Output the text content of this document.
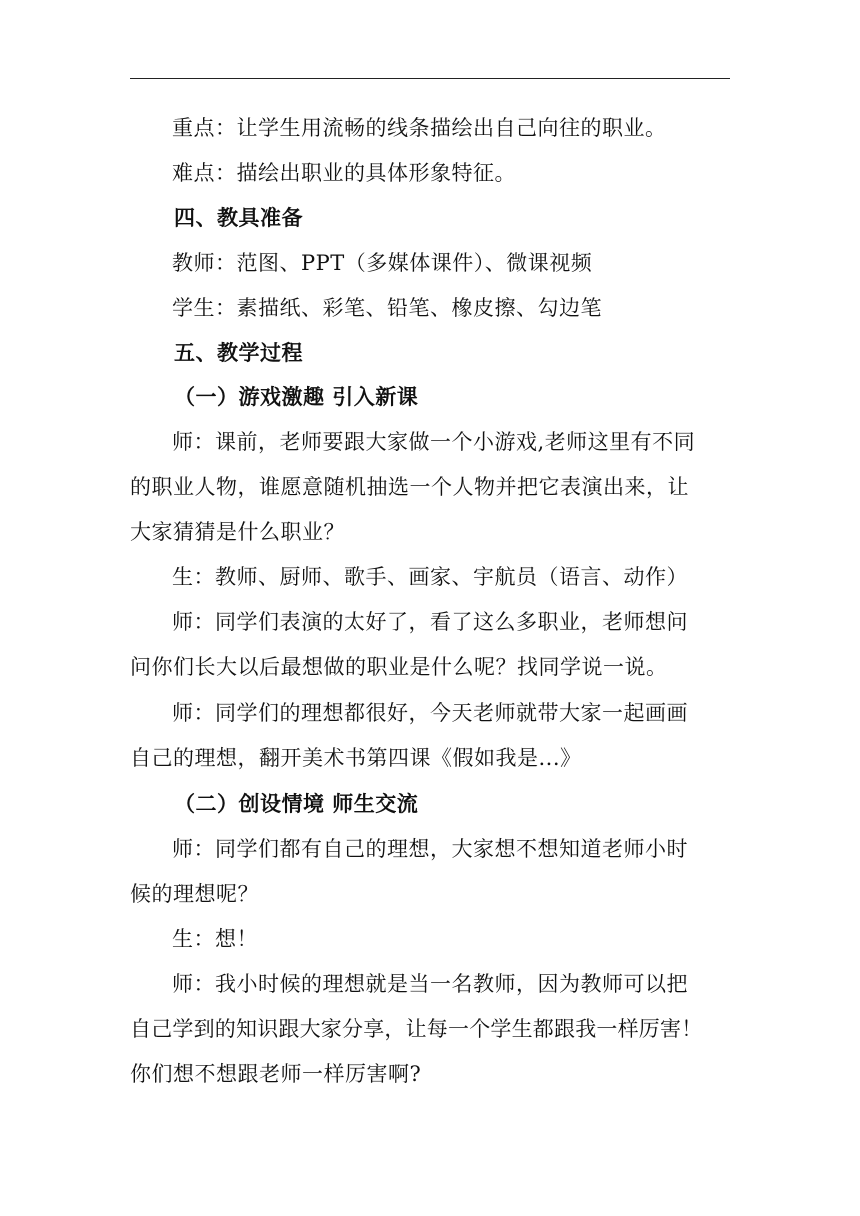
重点：让学生用流畅的线条描绘出自己向往的职业。
难点：描绘出职业的具体形象特征。
四、教具准备
教师：范图、PPT（多媒体课件）、微课视频
学生：素描纸、彩笔、铅笔、橡皮擦、勾边笔
五、教学过程
（一）游戏激趣 引入新课
师：课前，老师要跟大家做一个小游戏,老师这里有不同
的职业人物，谁愿意随机抽选一个人物并把它表演出来，让
大家猜猜是什么职业？
生：教师、厨师、歌手、画家、宇航员（语言、动作）
师：同学们表演的太好了，看了这么多职业，老师想问
问你们长大以后最想做的职业是什么呢？找同学说一说。
师：同学们的理想都很好，今天老师就带大家一起画画
自己的理想，翻开美术书第四课《假如我是...》
（二）创设情境 师生交流
师：同学们都有自己的理想，大家想不想知道老师小时
候的理想呢？
生：想！
师：我小时候的理想就是当一名教师，因为教师可以把
自己学到的知识跟大家分享，让每一个学生都跟我一样厉害！
你们想不想跟老师一样厉害啊?
